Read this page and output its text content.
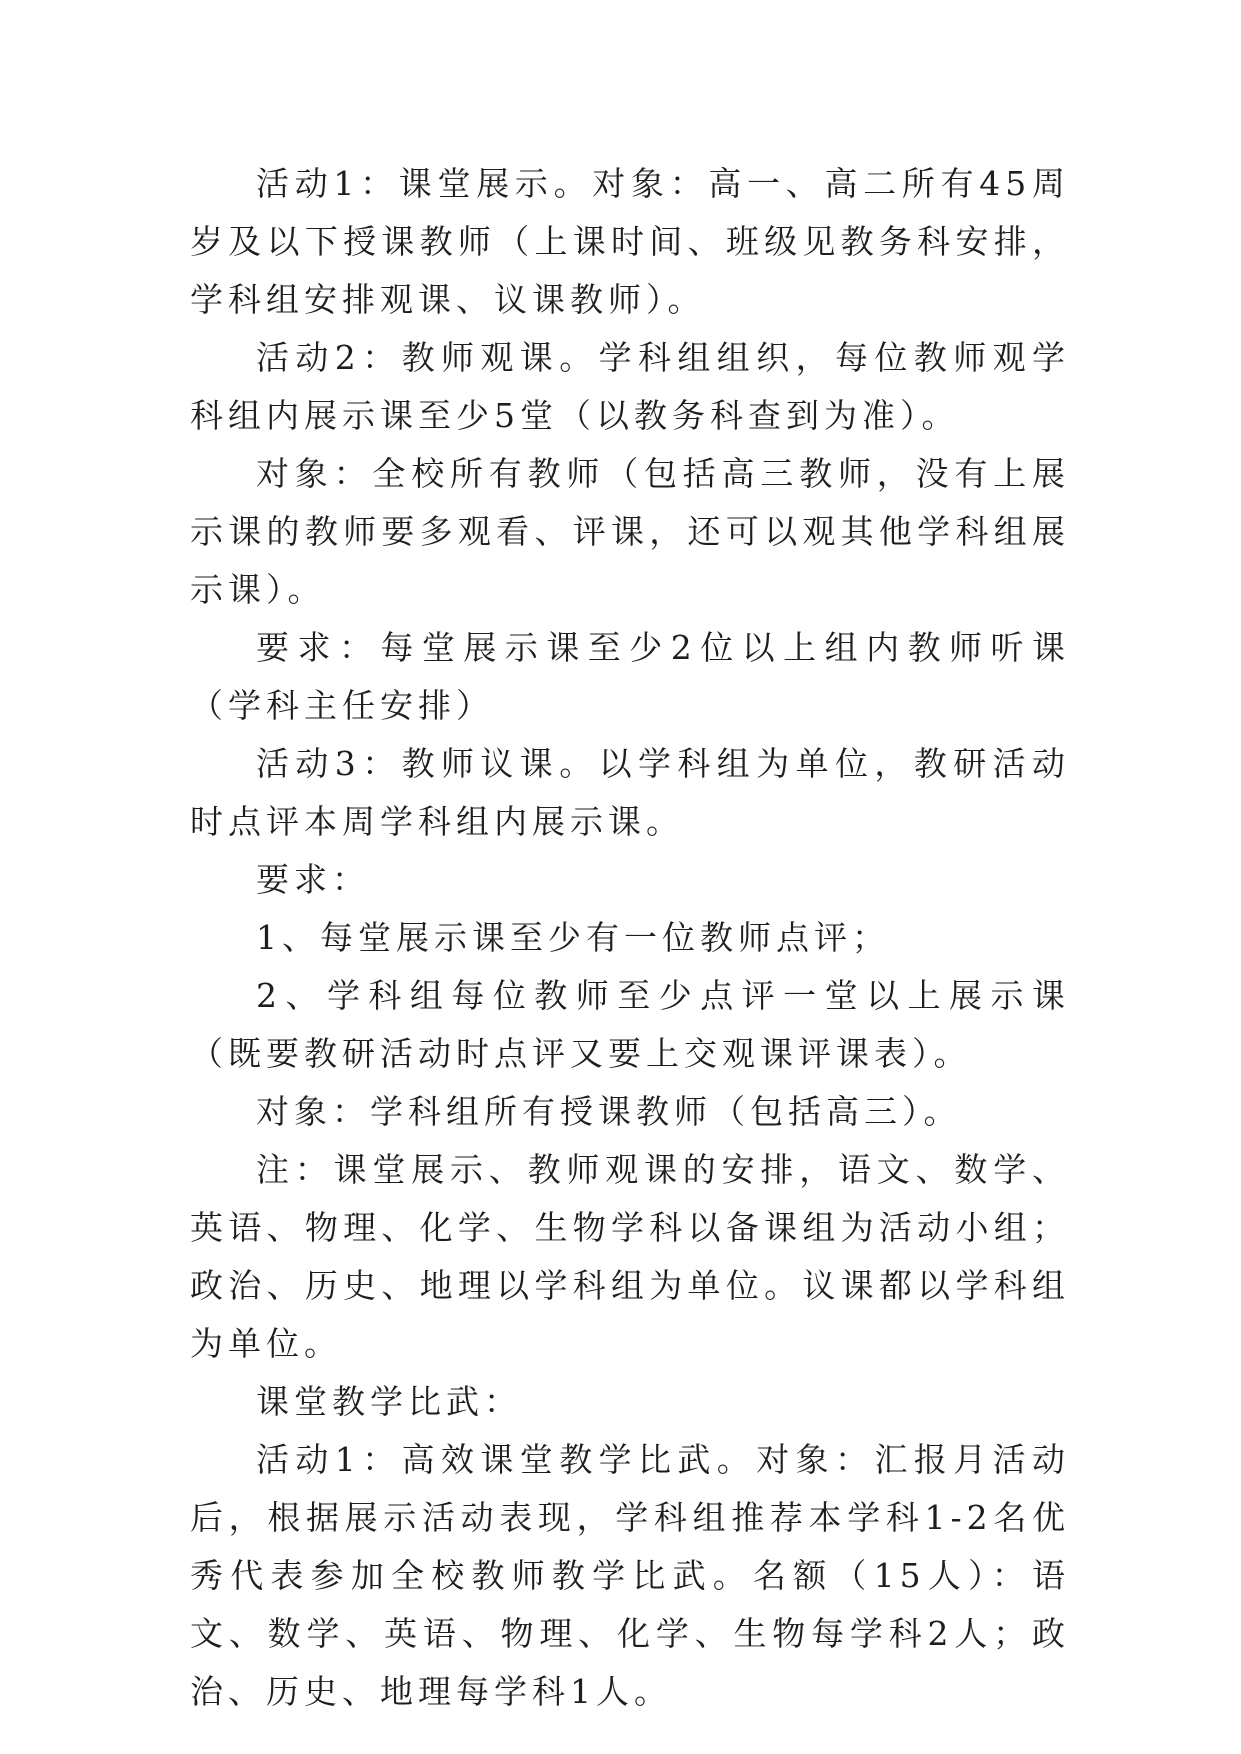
活动1：课堂展示。对象：高一、高二所有45周岁及以下授课教师（上课时间、班级见教务科安排，学科组安排观课、议课教师）。

活动2：教师观课。学科组组织，每位教师观学科组内展示课至少5堂（以教务科查到为准）。

对象：全校所有教师（包括高三教师，没有上展示课的教师要多观看、评课，还可以观其他学科组展示课）。

要求：每堂展示课至少2位以上组内教师听课（学科主任安排）

活动3：教师议课。以学科组为单位，教研活动时点评本周学科组内展示课。

要求：

1、每堂展示课至少有一位教师点评；

2、学科组每位教师至少点评一堂以上展示课（既要教研活动时点评又要上交观课评课表）。

对象：学科组所有授课教师（包括高三）。

注：课堂展示、教师观课的安排，语文、数学、英语、物理、化学、生物学科以备课组为活动小组；政治、历史、地理以学科组为单位。议课都以学科组为单位。

课堂教学比武：

活动1：高效课堂教学比武。对象：汇报月活动后，根据展示活动表现，学科组推荐本学科1-2名优秀代表参加全校教师教学比武。名额（15人）：语文、数学、英语、物理、化学、生物每学科2人；政治、历史、地理每学科1人。
